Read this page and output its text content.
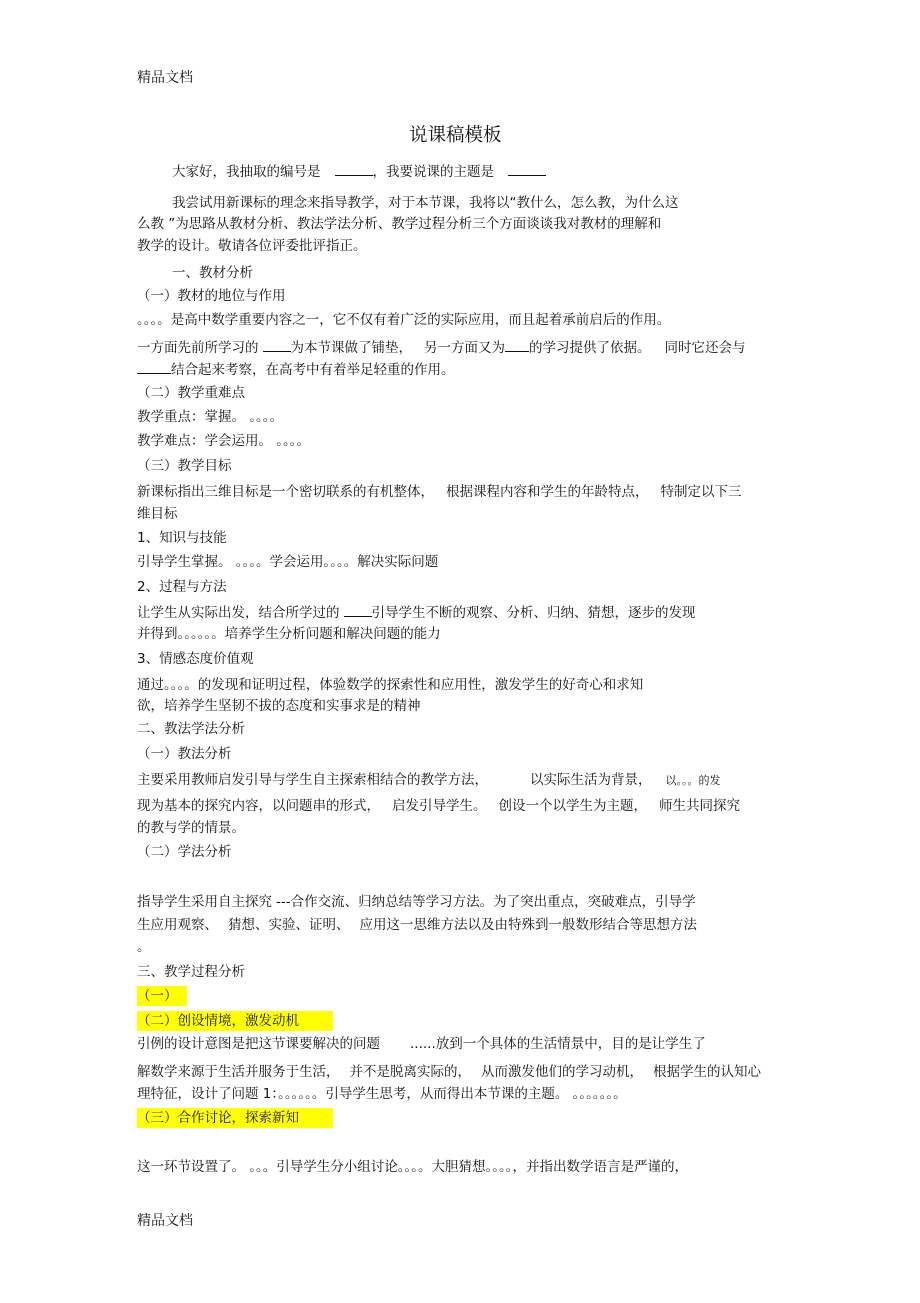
精品文档
说课稿模板
大家好，我抽取的编号是	，我要说课的主题是
我尝试用新课标的理念来指导教学，对于本节课，我将以“教什么，怎么教，为什么这
么教 ”为思路从教材分析、教法学法分析、教学过程分析三个方面谈谈我对教材的理解和
教学的设计。敬请各位评委批评指正。
一、教材分析
（一）教材的地位与作用
。。。。是高中数学重要内容之一，它不仅有着广泛的实际应用，而且起着承前启后的作用。
一方面先前所学习的 为本节课做了铺垫， 另一方面又为 的学习提供了依据。 同时它还会与
结合起来考察，在高考中有着举足轻重的作用。
（二）教学重难点
教学重点：掌握。 。。。。
教学难点：学会运用。 。。。。
（三）教学目标
新课标指出三维目标是一个密切联系的有机整体， 根据课程内容和学生的年龄特点， 特制定以下三
维目标
1、知识与技能
引导学生掌握。 。。。。学会运用。。。。解决实际问题
2、过程与方法
让学生从实际出发，结合所学过的 引导学生不断的观察、分析、归纳、猜想，逐步的发现
并得到。。。。。。培养学生分析问题和解决问题的能力
3、情感态度价值观
通过。。。。的发现和证明过程，体验数学的探索性和应用性，激发学生的好奇心和求知
欲，培养学生坚韧不拔的态度和实事求是的精神
二、教法学法分析
（一）教法分析
主要采用教师启发引导与学生自主探索相结合的教学方法，	以实际生活为背景， 以。。。的发
现为基本的探究内容，以问题串的形式， 启发引导学生。 创设一个以学生为主题， 师生共同探究
的教与学的情景。
（二）学法分析
指导学生采用自主探究 ---合作交流、归纳总结等学习方法。为了突出重点，突破难点，引导学
生应用观察、 猜想、实验、证明、 应用这一思维方法以及由特殊到一般数形结合等思想方法
。
三、教学过程分析
（一）
（二）创设情境，激发动机
引例的设计意图是把这节课要解决的问题 ......放到一个具体的生活情景中，目的是让学生了
解数学来源于生活并服务于生活， 并不是脱离实际的， 从而激发他们的学习动机， 根据学生的认知心
理特征，设计了问题 1：。。。。。。引导学生思考，从而得出本节课的主题。 。。。。。。。
（三）合作讨论，探索新知
这一环节设置了。 。。。引导学生分小组讨论。。。。大胆猜想。。。。，并指出数学语言是严谨的，
精品文档
